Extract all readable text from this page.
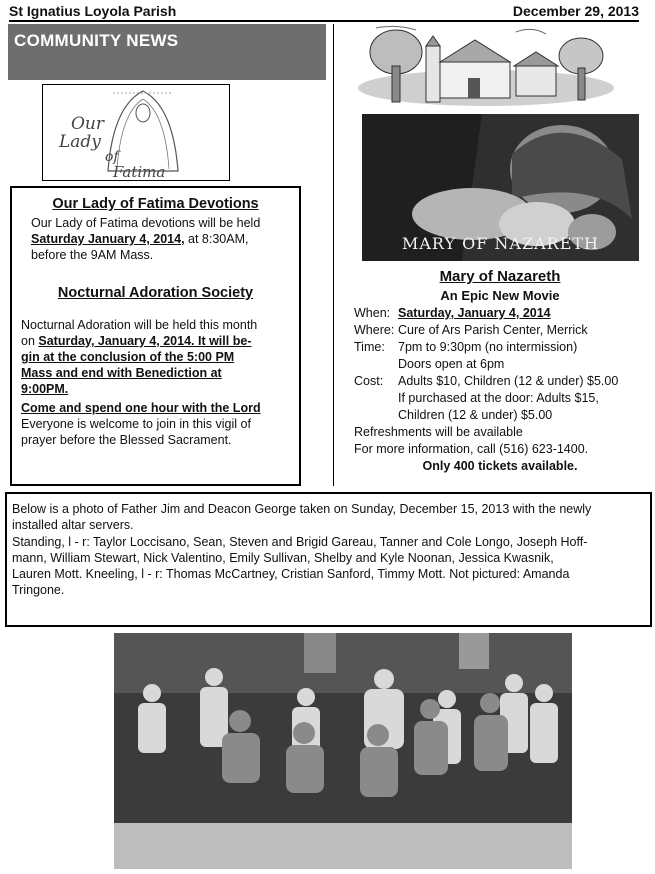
St Ignatius Loyola Parish	December 29, 2013
COMMUNITY NEWS
Our
Lady
of
Fatima
Our Lady of Fatima Devotions
Our Lady of Fatima devotions will be held
Saturday January 4, 2014, at 8:30AM,
before the 9AM Mass.
Nocturnal Adoration Society
Nocturnal Adoration will be held this month
on Saturday, January 4, 2014. It will be-
gin at the conclusion of the 5:00 PM
Mass and end with Benediction at
9:00PM.
Come and spend one hour with the Lord
Everyone is welcome to join in this vigil of
prayer before the Blessed Sacrament.
MARY OF NAZARETH
Mary of Nazareth
An Epic New Movie
When: Saturday, January 4, 2014
Where: Cure of Ars Parish Center, Merrick
Time: 7pm to 9:30pm (no intermission)
Doors open at 6pm
Cost: Adults $10, Children (12 & under) $5.00
If purchased at the door: Adults $15,
Children (12 & under) $5.00
Refreshments will be available
For more information, call (516) 623-1400.
Only 400 tickets available.
Below is a photo of Father Jim and Deacon George taken on Sunday, December 15, 2013 with the newly
installed altar servers.
Standing, l - r: Taylor Loccisano, Sean, Steven and Brigid Gareau, Tanner and Cole Longo, Joseph Hoff-
mann, William Stewart, Nick Valentino, Emily Sullivan, Shelby and Kyle Noonan, Jessica Kwasnik,
Lauren Mott. Kneeling, l - r: Thomas McCartney, Cristian Sanford, Timmy Mott. Not pictured: Amanda
Tringone.
